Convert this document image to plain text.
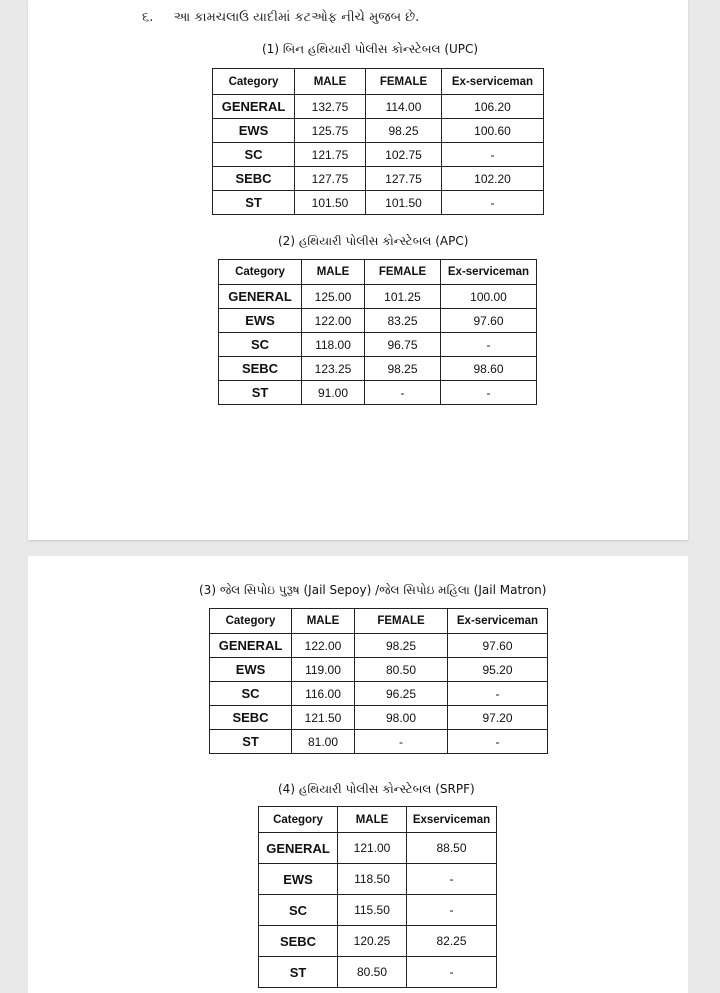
૬. આ કામચલાઉ યાદીમાં કટઓફ નીચે મુજબ છે.
(1) બિન હથિયારી પોલીસ કોન્સ્ટેબલ (UPC)
Category	MALE	FEMALE	Ex-serviceman
GENERAL	132.75	114.00	106.20
EWS	125.75	98.25	100.60
SC	121.75	102.75	-
SEBC	127.75	127.75	102.20
ST	101.50	101.50	-
(2) હથિયારી પોલીસ કોન્સ્ટેબલ (APC)
Category	MALE	FEMALE	Ex-serviceman
GENERAL	125.00	101.25	100.00
EWS	122.00	83.25	97.60
SC	118.00	96.75	-
SEBC	123.25	98.25	98.60
ST	91.00	-	-
(3) જેલ સિપોઇ પુરૂષ (Jail Sepoy) /જેલ સિપોઇ મહિલા (Jail Matron)
Category	MALE	FEMALE	Ex-serviceman
GENERAL	122.00	98.25	97.60
EWS	119.00	80.50	95.20
SC	116.00	96.25	-
SEBC	121.50	98.00	97.20
ST	81.00	-	-
(4) હથિયારી પોલીસ કોન્સ્ટેબલ (SRPF)
Category	MALE	Exserviceman
GENERAL	121.00	88.50
EWS	118.50	-
SC	115.50	-
SEBC	120.25	82.25
ST	80.50	-
